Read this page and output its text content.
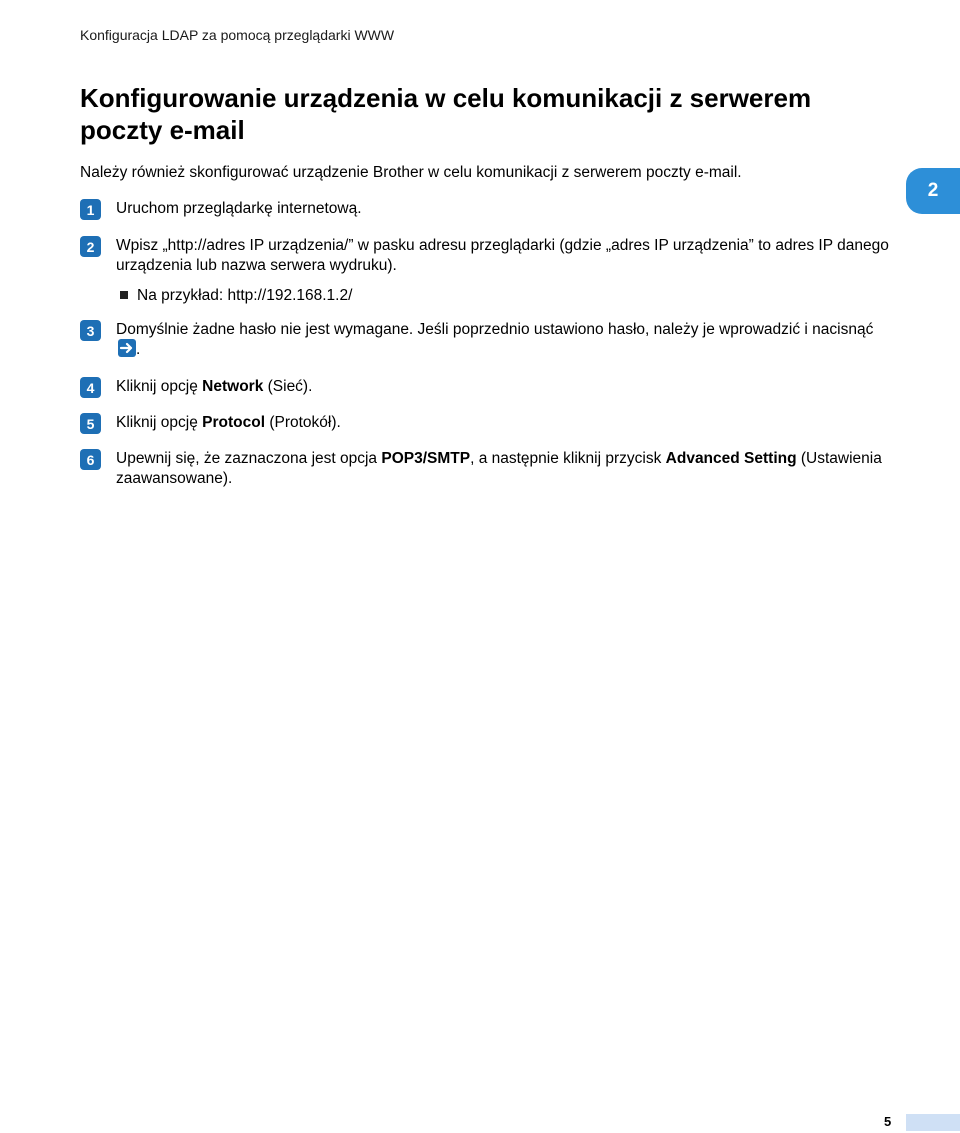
Konfiguracja LDAP za pomocą przeglądarki WWW
Konfigurowanie urządzenia w celu komunikacji z serwerem poczty e-mail
Należy również skonfigurować urządzenie Brother w celu komunikacji z serwerem poczty e-mail.
2
1	Uruchom przeglądarkę internetową.
2	Wpisz „http://adres IP urządzenia/” w pasku adresu przeglądarki (gdzie „adres IP urządzenia” to adres IP danego urządzenia lub nazwa serwera wydruku).
Na przykład: http://192.168.1.2/
3	Domyślnie żadne hasło nie jest wymagane. Jeśli poprzednio ustawiono hasło, należy je wprowadzić i nacisnąć .
4	Kliknij opcję Network (Sieć).
5	Kliknij opcję Protocol (Protokół).
6	Upewnij się, że zaznaczona jest opcja POP3/SMTP, a następnie kliknij przycisk Advanced Setting (Ustawienia zaawansowane).
5
